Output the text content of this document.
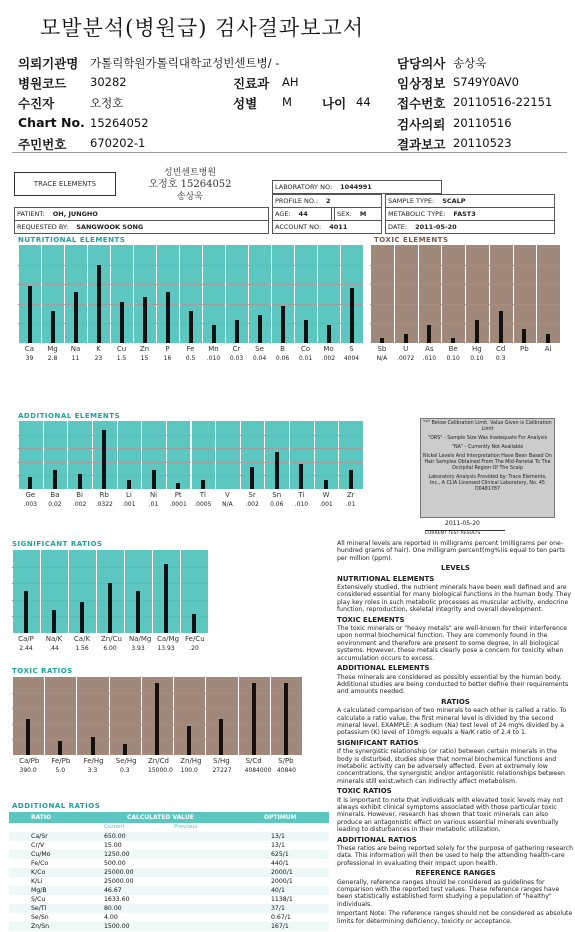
모발분석(병원급) 검사결과보고서
의뢰기관명 가톨릭학원가톨릭대학교성빈센트병/ -
병원코드 30282
수진자	오정호
Chart No. 15264052
주민번호 670202-1
진료과 AH
성별 M 나이 44
담당의사 송상욱
임상정보 S749Y0AV0
접수번호 20110516-22151
검사의뢰 20110516
결과보고 20110523
TRACE ELEMENTS
성빈센트병원
오정호 15264052
송상욱
LABORATORY NO: 1044991
PROFILE NO.: 2	SAMPLE TYPE: SCALP
PATIENT: OH, JUNGHO	AGE: 44	SEX: M	METABOLIC TYPE: FAST3
REQUESTED BY: SANGWOOK SONG	ACCOUNT NO: 4011	DATE: 2011-05-20
NUTRITIONAL ELEMENTS
Ca
39
Mg
2.8
Na
11
K
23
Cu
1.5
Zn
15
P
16
Fe
0.5
Mn
.010
Cr
0.03
Se
0.04
B
0.06
Co
0.01
Mo
.002
S
4004
TOXIC ELEMENTS
Sb
N/A
U
.0072
As
.010
Be
0.10
Hg
0.10
Cd
0.3
Pb	Al
ADDITIONAL ELEMENTS
Ge
.003
Ba
0.02
Bi
.002
Rb
.0322
Li
.001
Ni
.01
Pt
.0001
Tl
.0005
V
N/A
Sr
.002
Sn
0.06
Ti
.010
W
.001
Zr
.01
"*" Below Calibration Limit, Value Given is Calibration Limit
"ORS" - Sample Size Was Inadequate For Analysis
"NA" - Currently Not Available
Nickel Levels And Interpretation Have Been Based On Hair Samples Obtained From The Mid-Parietal To The Occipital Region Of The Scalp
Laboratory Analysis Provided by: Trace Elements, Inc., A CLIA Licensed Clinical Laboratory, No. 45 D0481787
2011-05-20
CURRENT TEST RESULTS
SIGNIFICANT RATIOS
Ca/P
2.44
Na/K
.44
Ca/K
1.56
Zn/Cu
6.00
Na/Mg
3.93
Ca/Mg
13.93
Fe/Cu
.20
TOXIC RATIOS
Ca/Pb
390.0
Fe/Pb
5.0
Fe/Hg
3.3
Se/Hg
0.3
Zn/Cd
15000.0
Zn/Hg
100.0
S/Hg
27227
S/Cd
4084000
S/Pb
40840
ADDITIONAL RATIOS
RATIO	CALCULATED VALUE	OPTIMUM
Current	Previous
Ca/Sr	650.00	13/1
Cr/V	15.00	13/1
Cu/Mo	1250.00	625/1
Fe/Co	500.00	440/1
K/Co	25000.00	2000/1
K/Li	25000.00	2000/1
Mg/B	46.67	40/1
S/Cu	1633.60	1138/1
Se/Tl	80.00	37/1
Se/Sn	4.00	0.67/1
Zn/Sn	1500.00	167/1

All mineral levels are reported in milligrams percent (milligrams per one-hundred grams of hair). One milligram percent(mg%)is equal to ten parts per million (ppm).

LEVELS
NUTRITIONAL ELEMENTS

Extensively studied, the nutrient minerals have been well defined and are considered essential for many biological functions in the human body. They play key roles in such metabolic processes as muscular activity, endocrine function, reproduction, skeletal integrity and overall development.

TOXIC ELEMENTS

The toxic minerals or "heavy metals" are well-known for their interference upon normal biochemical function. They are commonly found in the environment and therefore are present to some degree, in all biological systems. However, these metals clearly pose a concern for toxicity when accumulation occurs to excess.

ADDITIONAL ELEMENTS

These minerals are considered as possibly essential by the human body. Additional studies are being conducted to better define their requirements and amounts needed.

RATIOS

A calculated comparison of two minerals to each other is called a ratio. To calculate a ratio value, the first mineral level is divided by the second mineral level. EXAMPLE: A sodium (Na) test level of 24 mg% divided by a potassium (K) level of 10mg% equals a Na/K ratio of 2.4 to 1.

SIGNIFICANT RATIOS

If the synergistic relationship (or ratio) between certain minerals in the body is disturbed, studies show that normal biochemical functions and metabolic activity can be adversely affected. Even at extremely low concentrations, the synergistic and/or antagonistic relationships between minerals still exist,which can indirectly affect metabolism.

TOXIC RATIOS

It is important to note that individuals with elevated toxic levels may not always exhibit clinical symptoms associated with those particular toxic minerals. However, research has shown that toxic minerals can also produce an antagonistic effect on various essential minerals eventually leading to disturbances in their metabolic utilization.

ADDITIONAL RATIOS

These ratios are being reported solely for the purpose of gathering research data. This information will then be used to help the attending health-care professional in evaluating their impact upon health.

REFERENCE RANGES

Generally, reference ranges should be considered as guidelines for comparison with the reported test values. These reference ranges have been statistically established form studying a population of "healthy" individuals.

Important Note: The reference ranges should not be considered as absolute limits for determining deficiency, toxicity or acceptance.
